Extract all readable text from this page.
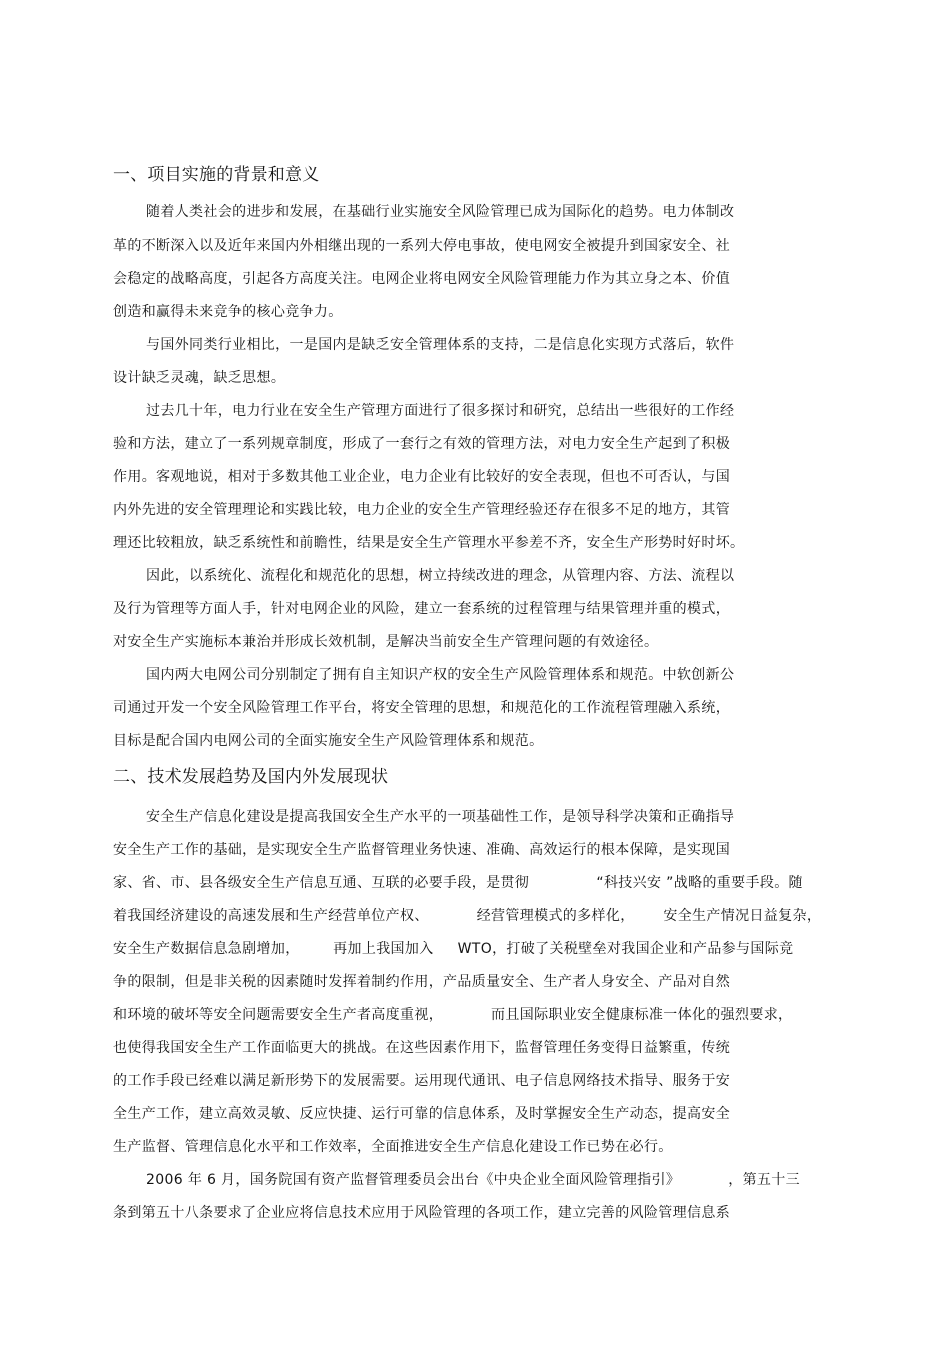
一、项目实施的背景和意义
随着人类社会的进步和发展，在基础行业实施安全风险管理已成为国际化的趋势。电力体制改
革的不断深入以及近年来国内外相继出现的一系列大停电事故，使电网安全被提升到国家安全、社
会稳定的战略高度，引起各方高度关注。电网企业将电网安全风险管理能力作为其立身之本、价值
创造和赢得未来竞争的核心竞争力。
与国外同类行业相比，一是国内是缺乏安全管理体系的支持，二是信息化实现方式落后，软件
设计缺乏灵魂，缺乏思想。
过去几十年，电力行业在安全生产管理方面进行了很多探讨和研究，总结出一些很好的工作经
验和方法，建立了一系列规章制度，形成了一套行之有效的管理方法，对电力安全生产起到了积极
作用。客观地说，相对于多数其他工业企业，电力企业有比较好的安全表现，但也不可否认，与国
内外先进的安全管理理论和实践比较，电力企业的安全生产管理经验还存在很多不足的地方，其管
理还比较粗放，缺乏系统性和前瞻性，结果是安全生产管理水平参差不齐，安全生产形势时好时坏。
因此，以系统化、流程化和规范化的思想，树立持续改进的理念，从管理内容、方法、流程以
及行为管理等方面人手，针对电网企业的风险，建立一套系统的过程管理与结果管理并重的模式，
对安全生产实施标本兼治并形成长效机制，是解决当前安全生产管理问题的有效途径。
国内两大电网公司分别制定了拥有自主知识产权的安全生产风险管理体系和规范。中软创新公
司通过开发一个安全风险管理工作平台，将安全管理的思想，和规范化的工作流程管理融入系统，
目标是配合国内电网公司的全面实施安全生产风险管理体系和规范。
二、技术发展趋势及国内外发展现状
安全生产信息化建设是提高我国安全生产水平的一项基础性工作，是领导科学决策和正确指导
安全生产工作的基础，是实现安全生产监督管理业务快速、准确、高效运行的根本保障，是实现国
家、省、市、县各级安全生产信息互通、互联的必要手段，是贯彻              “科技兴安 ”战略的重要手段。随
着我国经济建设的高速发展和生产经营单位产权、          经营管理模式的多样化，      安全生产情况日益复杂，
安全生产数据信息急剧增加，       再加上我国加入     WTO，打破了关税壁垒对我国企业和产品参与国际竞
争的限制，但是非关税的因素随时发挥着制约作用，产品质量安全、生产者人身安全、产品对自然
和环境的破坏等安全问题需要安全生产者高度重视，          而且国际职业安全健康标准一体化的强烈要求，
也使得我国安全生产工作面临更大的挑战。在这些因素作用下，监督管理任务变得日益繁重，传统
的工作手段已经难以满足新形势下的发展需要。运用现代通讯、电子信息网络技术指导、服务于安
全生产工作，建立高效灵敏、反应快捷、运行可靠的信息体系，及时掌握安全生产动态，提高安全
生产监督、管理信息化水平和工作效率，全面推进安全生产信息化建设工作已势在必行。
2006 年 6 月，国务院国有资产监督管理委员会出台《中央企业全面风险管理指引》          ，第五十三
条到第五十八条要求了企业应将信息技术应用于风险管理的各项工作，建立完善的风险管理信息系
